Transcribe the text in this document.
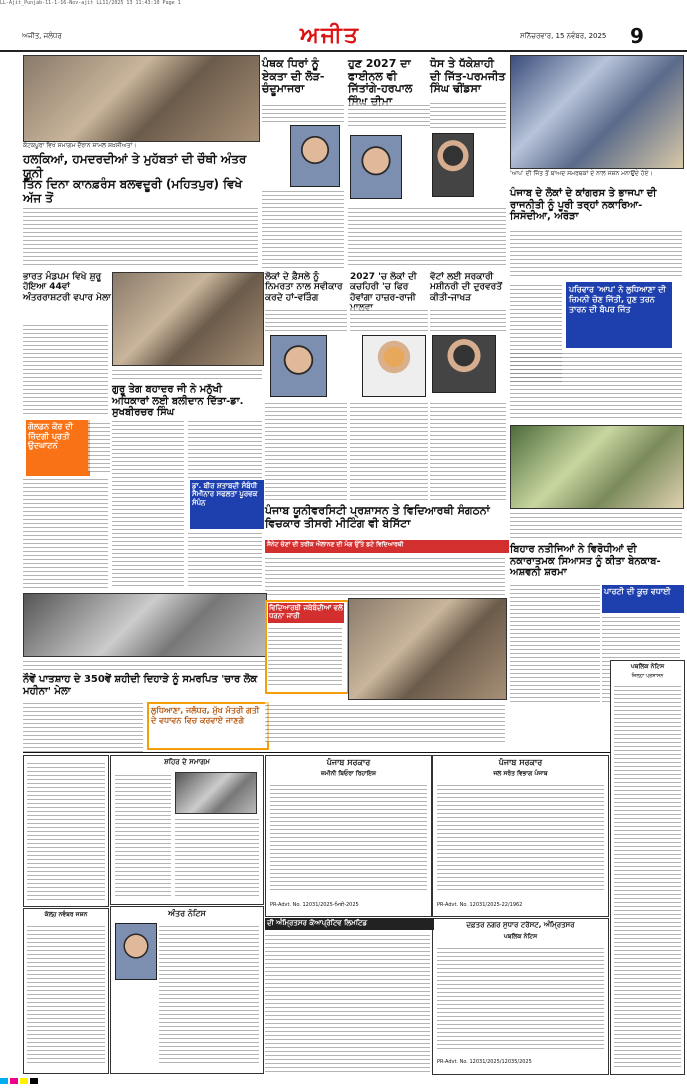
LL-Ajit_Punjab-11-1-16-Nov-ajit LL11/2025 13 11:43:10 Page 1
ਅਜੀਤ, ਜਲੰਧਰ	ਅਜੀਤ	ਸਨਿੱਚਰਵਾਰ, 15 ਨਵੰਬਰ, 2025 9
ਕੋਟਕਪੂਰਾ ਵਿਖੇ ਸਮਾਗਮ ਦੌਰਾਨ ਸ਼ਾਮਲ ਸ਼ਖ਼ਸੀਅਤਾਂ।
ਹਲਕਿਆਂ, ਹਮਦਰਦੀਆਂ ਤੇ ਮੁਹੱਬਤਾਂ ਦੀ ਚੌਥੀ ਅੰਤਰ ਯੂਨੀ
ਤਿੰਨ ਦਿਨਾ ਕਾਨਫ਼ਰੰਸ ਬਲਵਦੂਰੀ (ਮਹਿਤਪੁਰ) ਵਿਖੇ ਅੱਜ ਤੋਂ
ਪੰਥਕ ਧਿਰਾਂ ਨੂੰ ਏਕਤਾ ਦੀ ਲੋੜ-ਚੰਦੂਮਾਜਰਾ
ਹੁਣ 2027 ਦਾ ਫਾਈਨਲ ਵੀ ਜਿੱਤਾਂਗੇ-ਹਰਪਾਲ
ਧੋਸ ਤੇ ਧੱਕੇਸ਼ਾਹੀ ਦੀ ਜਿੱਤ-ਪਰਮਜੀਤ ਸਿੰਘ ਢੀਂਡਸਾ
'ਆਪ' ਦੀ ਜਿੱਤ ਤੋਂ ਬਾਅਦ ਸਮਰਥਕਾਂ ਦੇ ਨਾਲ ਜਸ਼ਨ ਮਨਾਉਂਦੇ ਹੋਏ।
ਪੰਜਾਬ ਦੇ ਲੋਕਾਂ ਦੇ ਕਾਂਗਰਸ ਤੇ ਭਾਜਪਾ ਦੀ ਰਾਜਨੀਤੀ ਨੂੰ ਪੂਰੀ ਤਰ੍ਹਾਂ ਨਕਾਰਿਆ-ਸਿਸੋਦੀਆ, ਅਰੋੜਾ
ਪਰਿਵਾਰ 'ਆਪ' ਨੇ ਲੁਧਿਆਣਾ ਦੀ ਜ਼ਿਮਨੀ ਚੋਣ ਜਿੱਤੀ, ਹੁਣ ਤਰਨ ਤਾਰਨ ਦੀ ਬੰਪਰ ਜਿੱਤ
ਭਾਰਤ ਮੰਡਪਮ ਵਿਖੇ ਸ਼ੁਰੂ ਹੋਇਆ 44ਵਾਂ ਅੰਤਰਰਾਸ਼ਟਰੀ ਵਪਾਰ ਮੇਲਾ
ਗੋਲਡਨ ਕੌਰ ਦੀ ਜ਼ਿੰਦਗੀ ਪ੍ਰਤੀ ਉਦਘਾਟਨ
ਗੁਰੂ ਤੇਗ ਬਹਾਦਰ ਜੀ ਨੇ ਮਨੁੱਖੀ ਅਧਿਕਾਰਾਂ ਲਈ ਬਲੀਦਾਨ ਦਿੱਤਾ-ਡਾ. ਸੁਖਬੀਰਚਰ ਸਿੰਘ
ਡਾ. ਬੀਰ ਸ਼ਤਾਬਦੀ ਸੰਬੰਧੀ ਸੈਮੀਨਾਰ ਸਫਲਤਾ ਪੂਰਵਕ ਸੰਪੰਨ
ਲੋਕਾਂ ਦੇ ਫ਼ੈਸਲੇ ਨੂੰ ਨਿਮਰਤਾ ਨਾਲ ਸਵੀਕਾਰ ਕਰਦੇ ਹਾਂ-ਵੜਿੰਗ
2027 'ਚ ਲੋਕਾਂ ਦੀ ਕਚਹਿਰੀ 'ਚ ਫਿਰ ਹੋਵਾਂਗਾ ਹਾਜ਼ਰ-ਰਾਜੀ
ਵੋਟਾਂ ਲਈ ਸਰਕਾਰੀ ਮਸ਼ੀਨਰੀ ਦੀ ਦੁਰਵਰਤੋਂ ਕੀਤੀ-ਜਾਖੜ
ਪੰਜਾਬ ਯੂਨੀਵਰਸਿਟੀ ਪ੍ਰਸ਼ਾਸਨ ਤੇ ਵਿਦਿਆਰਥੀ ਸੰਗਠਨਾਂ ਵਿਚਕਾਰ ਤੀਸਰੀ ਮੀਟਿੰਗ ਵੀ ਬੇਸਿੱਟਾ
ਸੈਨੇਟ ਚੋਣਾਂ ਦੀ ਤਰੀਕ ਐਲਾਨਣ ਦੀ ਮੰਗ ਉੱਤੇ ਡਟੇ ਵਿਦਿਆਰਥੀ
ਨੌਵੇਂ ਪਾਤਸ਼ਾਹ ਦੇ 350ਵੇਂ ਸ਼ਹੀਦੀ ਦਿਹਾੜੇ ਨੂੰ ਸਮਰਪਿਤ 'ਚਾਰ ਲੋਕ ਮਹੀਨਾ' ਮੇਲਾ
ਲੁਧਿਆਣਾ, ਜਲੰਧਰ, ਮੁੱਖ ਮੰਤਰੀ ਗਤੀ ਦੇ ਵਧਾਵਨ ਵਿਚ ਕਰਵਾਏ ਜਾਣਗੇ
ਵਿਦਿਆਰਥੀ ਜਥੇਬੰਦੀਆਂ ਵਲੋਂ ਧਰਨਾ ਜਾਰੀ
ਬਿਹਾਰ ਨਤੀਜਿਆਂ ਨੇ ਵਿਰੋਧੀਆਂ ਦੀ ਨਕਾਰਾਤਮਕ ਸਿਆਸਤ ਨੂੰ ਕੀਤਾ ਬੇਨਕਾਬ-ਅਸ਼ਵਨੀ ਸ਼ਰਮਾ
ਪਾਰਟੀ ਦੀ ਕੂਚ ਵਧਾਈ
ਪੰਜਾਬ ਸਰਕਾਰ
ਜ਼ਮੀਨੀ ਬਿਓਰਾ ਰਿਹਾਇਸ਼
PR-Advt. No. 12031/2025-ਮਿਤੀ-2025
ਪੰਜਾਬ ਸਰਕਾਰ
ਜਲ ਸਰੋਤ ਵਿਭਾਗ ਪੰਜਾਬ
PR-Advt. No. 12031/2025-22/1962
ਦਫ਼ਤਰ ਨਗਰ ਸੁਧਾਰ ਟਰੱਸਟ, ਅੰਮ੍ਰਿਤਸਰ
ਪਬਲਿਕ ਨੋਟਿਸ
PR-Advt. No. 12031/2025/12035/2025
ਸ਼ਹਿਰ ਦੇ ਸਮਾਗਮ
ਦੀ ਅੰਮ੍ਰਿਤਸਰ ਕੋਆਪ੍ਰੇਟਿਵ ਲਿਮਟਿਡ
ਅੰਤਰ ਨੋਟਿਸ
ਕੱਲ੍ਹ ਨਵੰਬਰ ਜਸ਼ਨ
ਪਬਲਿਕ ਨੋਟਿਸ
ਜ਼ਿਲ੍ਹਾ ਪ੍ਰਸ਼ਾਸਨ
